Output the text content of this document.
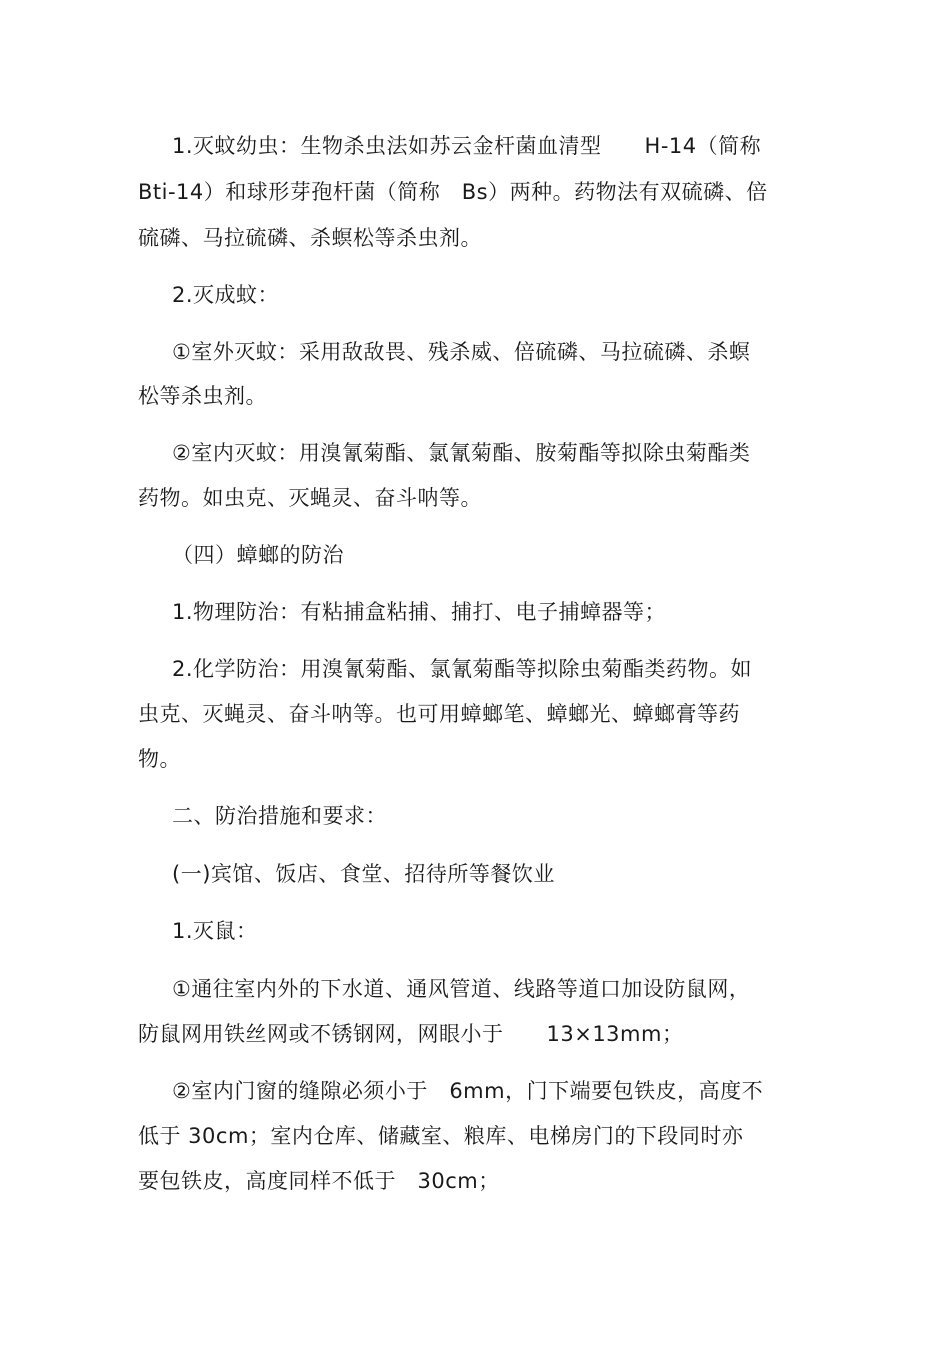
1.灭蚊幼虫：生物杀虫法如苏云金杆菌血清型　　H-14（简称
Bti-14）和球形芽孢杆菌（简称　Bs）两种。药物法有双硫磷、倍
硫磷、马拉硫磷、杀螟松等杀虫剂。
2.灭成蚊：
①室外灭蚊：采用敌敌畏、残杀威、倍硫磷、马拉硫磷、杀螟
松等杀虫剂。
②室内灭蚊：用溴氰菊酯、氯氰菊酯、胺菊酯等拟除虫菊酯类
药物。如虫克、灭蝇灵、奋斗呐等。
（四）蟑螂的防治
1.物理防治：有粘捕盒粘捕、捕打、电子捕蟑器等；
2.化学防治：用溴氰菊酯、氯氰菊酯等拟除虫菊酯类药物。如
虫克、灭蝇灵、奋斗呐等。也可用蟑螂笔、蟑螂光、蟑螂膏等药
物。
二、防治措施和要求：
(一)宾馆、饭店、食堂、招待所等餐饮业
1.灭鼠：
①通往室内外的下水道、通风管道、线路等道口加设防鼠网，
防鼠网用铁丝网或不锈钢网，网眼小于　　13×13mm；
②室内门窗的缝隙必须小于　6mm，门下端要包铁皮，高度不
低于 30cm；室内仓库、储藏室、粮库、电梯房门的下段同时亦
要包铁皮，高度同样不低于　30cm；
